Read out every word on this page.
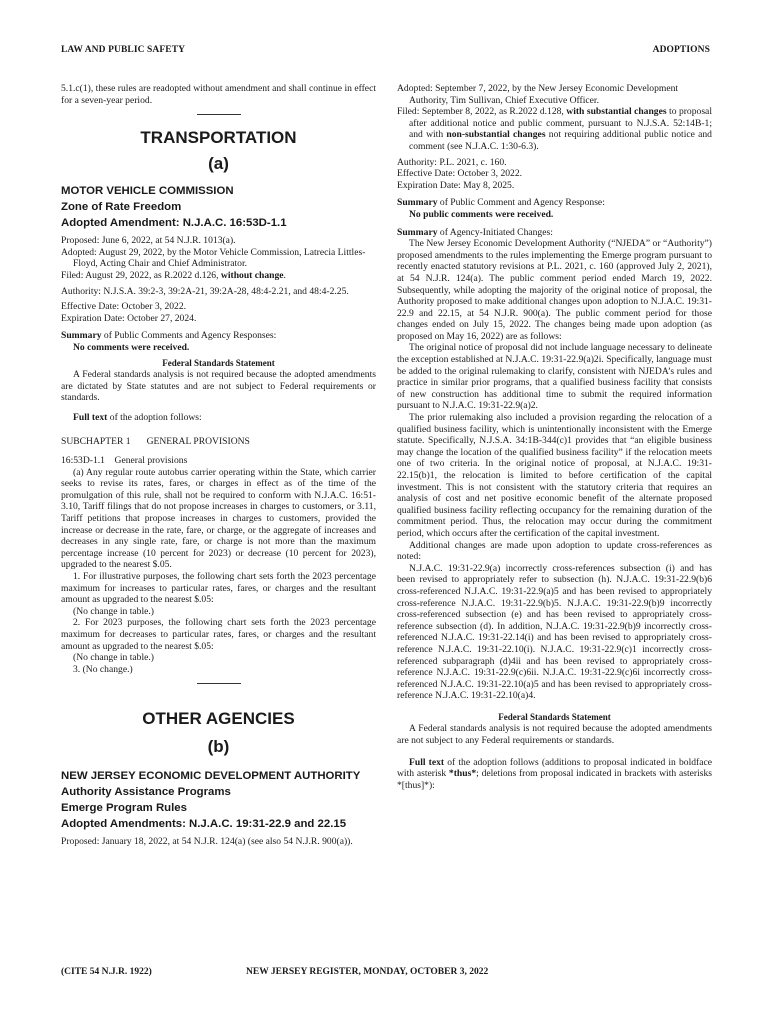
LAW AND PUBLIC SAFETY	ADOPTIONS

5.1.c(1), these rules are readopted without amendment and shall continue in effect for a seven-year period.

TRANSPORTATION

(a)

MOTOR VEHICLE COMMISSION

Zone of Rate Freedom

Adopted Amendment: N.J.A.C. 16:53D-1.1

Proposed: June 6, 2022, at 54 N.J.R. 1013(a).

Adopted: August 29, 2022, by the Motor Vehicle Commission, Latrecia Littles-Floyd, Acting Chair and Chief Administrator.

Filed: August 29, 2022, as R.2022 d.126, without change.

Authority: N.J.S.A. 39:2-3, 39:2A-21, 39:2A-28, 48:4-2.21, and 48:4-2.25.

Effective Date: October 3, 2022.

Expiration Date: October 27, 2024.

Summary of Public Comments and Agency Responses:

No comments were received.

Federal Standards Statement

A Federal standards analysis is not required because the adopted amendments are dictated by State statutes and are not subject to Federal requirements or standards.

Full text of the adoption follows:

SUBCHAPTER 1 GENERAL PROVISIONS

16:53D-1.1    General provisions

(a) Any regular route autobus carrier operating within the State, which carrier seeks to revise its rates, fares, or charges in effect as of the time of the promulgation of this rule, shall not be required to conform with N.J.A.C. 16:51-3.10, Tariff filings that do not propose increases in charges to customers, or 3.11, Tariff petitions that propose increases in charges to customers, provided the increase or decrease in the rate, fare, or charge, or the aggregate of increases and decreases in any single rate, fare, or charge is not more than the maximum percentage increase (10 percent for 2023) or decrease (10 percent for 2023), upgraded to the nearest $.05.

1. For illustrative purposes, the following chart sets forth the 2023 percentage maximum for increases to particular rates, fares, or charges and the resultant amount as upgraded to the nearest $.05:

(No change in table.)

2. For 2023 purposes, the following chart sets forth the 2023 percentage maximum for decreases to particular rates, fares, or charges and the resultant amount as upgraded to the nearest $.05:

(No change in table.)

3. (No change.)

OTHER AGENCIES

(b)

NEW JERSEY ECONOMIC DEVELOPMENT AUTHORITY

Authority Assistance Programs

Emerge Program Rules

Adopted Amendments: N.J.A.C. 19:31-22.9 and 22.15

Proposed: January 18, 2022, at 54 N.J.R. 124(a) (see also 54 N.J.R. 900(a)).

Adopted: September 7, 2022, by the New Jersey Economic Development Authority, Tim Sullivan, Chief Executive Officer.

Filed: September 8, 2022, as R.2022 d.128, with substantial changes to proposal after additional notice and public comment, pursuant to N.J.S.A. 52:14B-1; and with non-substantial changes not requiring additional public notice and comment (see N.J.A.C. 1:30-6.3).

Authority: P.L. 2021, c. 160.

Effective Date: October 3, 2022.

Expiration Date: May 8, 2025.

Summary of Public Comment and Agency Response:

No public comments were received.

Summary of Agency-Initiated Changes:

The New Jersey Economic Development Authority (“NJEDA” or “Authority”) proposed amendments to the rules implementing the Emerge program pursuant to recently enacted statutory revisions at P.L. 2021, c. 160 (approved July 2, 2021), at 54 N.J.R. 124(a). The public comment period ended March 19, 2022. Subsequently, while adopting the majority of the original notice of proposal, the Authority proposed to make additional changes upon adoption to N.J.A.C. 19:31-22.9 and 22.15, at 54 N.J.R. 900(a). The public comment period for those changes ended on July 15, 2022. The changes being made upon adoption (as proposed on May 16, 2022) are as follows:

The original notice of proposal did not include language necessary to delineate the exception established at N.J.A.C. 19:31-22.9(a)2i. Specifically, language must be added to the original rulemaking to clarify, consistent with NJEDA’s rules and practice in similar prior programs, that a qualified business facility that consists of new construction has additional time to submit the required information pursuant to N.J.A.C. 19:31-22.9(a)2.

The prior rulemaking also included a provision regarding the relocation of a qualified business facility, which is unintentionally inconsistent with the Emerge statute. Specifically, N.J.S.A. 34:1B-344(c)1 provides that “an eligible business may change the location of the qualified business facility” if the relocation meets one of two criteria. In the original notice of proposal, at N.J.A.C. 19:31-22.15(b)1, the relocation is limited to before certification of the capital investment. This is not consistent with the statutory criteria that requires an analysis of cost and net positive economic benefit of the alternate proposed qualified business facility reflecting occupancy for the remaining duration of the commitment period. Thus, the relocation may occur during the commitment period, which occurs after the certification of the capital investment.

Additional changes are made upon adoption to update cross-references as noted:

N.J.A.C. 19:31-22.9(a) incorrectly cross-references subsection (i) and has been revised to appropriately refer to subsection (h). N.J.A.C. 19:31-22.9(b)6 cross-referenced N.J.A.C. 19:31-22.9(a)5 and has been revised to appropriately cross-reference N.J.A.C. 19:31-22.9(b)5. N.J.A.C. 19:31-22.9(b)9 incorrectly cross-referenced subsection (e) and has been revised to appropriately cross-reference subsection (d). In addition, N.J.A.C. 19:31-22.9(b)9 incorrectly cross-referenced N.J.A.C. 19:31-22.14(i) and has been revised to appropriately cross-reference N.J.A.C. 19:31-22.10(i). N.J.A.C. 19:31-22.9(c)1 incorrectly cross-referenced subparagraph (d)4ii and has been revised to appropriately cross-reference N.J.A.C. 19:31-22.9(c)6ii. N.J.A.C. 19:31-22.9(c)6i incorrectly cross-referenced N.J.A.C. 19:31-22.10(a)5 and has been revised to appropriately cross-reference N.J.A.C. 19:31-22.10(a)4.

Federal Standards Statement

A Federal standards analysis is not required because the adopted amendments are not subject to any Federal requirements or standards.

Full text of the adoption follows (additions to proposal indicated in boldface with asterisk *thus*; deletions from proposal indicated in brackets with asterisks *[thus]*):

(CITE 54 N.J.R. 1922)	NEW JERSEY REGISTER, MONDAY, OCTOBER 3, 2022
